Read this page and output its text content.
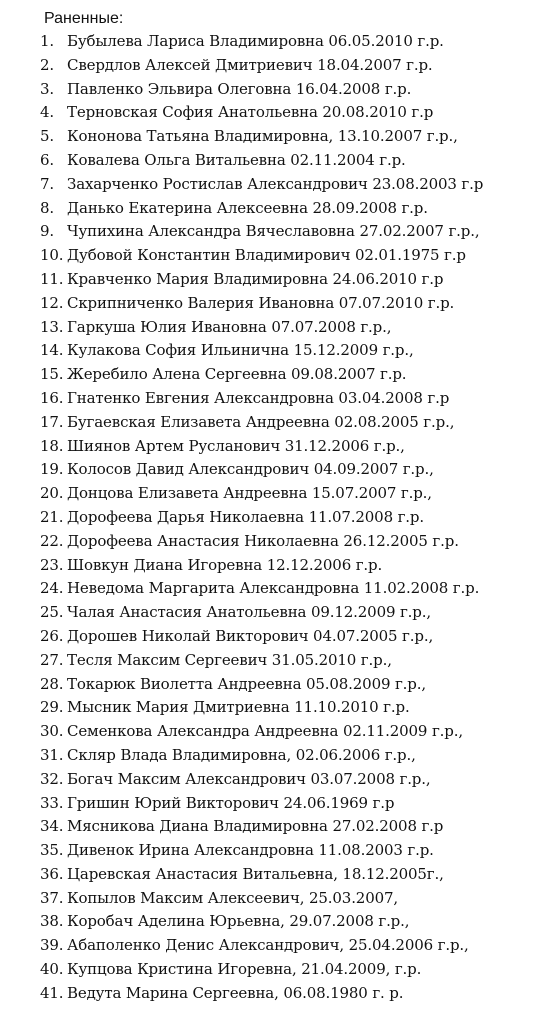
Раненные:
1. Бубылева Лариса Владимировна 06.05.2010 г.р.
2. Свердлов Алексей Дмитриевич 18.04.2007 г.р.
3. Павленко Эльвира Олеговна 16.04.2008 г.р.
4. Терновская София Анатольевна 20.08.2010 г.р
5. Кононова Татьяна Владимировна, 13.10.2007 г.р.,
6. Ковалева Ольга Витальевна 02.11.2004 г.р.
7. Захарченко Ростислав Александрович 23.08.2003 г.р
8. Данько Екатерина Алексеевна 28.09.2008 г.р.
9. Чупихина Александра Вячеславовна 27.02.2007 г.р.,
10. Дубовой Константин Владимирович 02.01.1975 г.р
11. Кравченко Мария Владимировна 24.06.2010 г.р
12. Скрипниченко Валерия Ивановна 07.07.2010 г.р.
13. Гаркуша Юлия Ивановна 07.07.2008 г.р.,
14. Кулакова София Ильинична 15.12.2009 г.р.,
15. Жеребило Алена Сергеевна 09.08.2007 г.р.
16. Гнатенко Евгения Александровна 03.04.2008 г.р
17. Бугаевская Елизавета Андреевна 02.08.2005 г.р.,
18. Шиянов Артем Русланович 31.12.2006 г.р.,
19. Колосов Давид Александрович 04.09.2007 г.р.,
20. Донцова Елизавета Андреевна 15.07.2007 г.р.,
21. Дорофеева Дарья Николаевна 11.07.2008 г.р.
22. Дорофеева Анастасия Николаевна 26.12.2005 г.р.
23. Шовкун Диана Игоревна 12.12.2006 г.р.
24. Неведома Маргарита Александровна 11.02.2008 г.р.
25. Чалая Анастасия Анатольевна 09.12.2009 г.р.,
26. Дорошев Николай Викторович 04.07.2005 г.р.,
27. Тесля Максим Сергеевич 31.05.2010 г.р.,
28. Токарюк Виолетта Андреевна 05.08.2009 г.р.,
29. Мысник Мария Дмитриевна 11.10.2010 г.р.
30. Семенкова Александра Андреевна 02.11.2009 г.р.,
31. Скляр Влада Владимировна, 02.06.2006 г.р.,
32. Богач Максим Александрович 03.07.2008 г.р.,
33. Гришин Юрий Викторович 24.06.1969 г.р
34. Мясникова Диана Владимировна 27.02.2008 г.р
35. Дивенок Ирина Александровна 11.08.2003 г.р.
36. Царевская Анастасия Витальевна, 18.12.2005г.,
37. Копылов Максим Алексеевич, 25.03.2007,
38. Коробач Аделина Юрьевна, 29.07.2008 г.р.,
39. Абаполенко Денис Александрович, 25.04.2006 г.р.,
40. Купцова Кристина Игоревна, 21.04.2009, г.р.
41. Ведута Марина Сергеевна, 06.08.1980 г. р.
